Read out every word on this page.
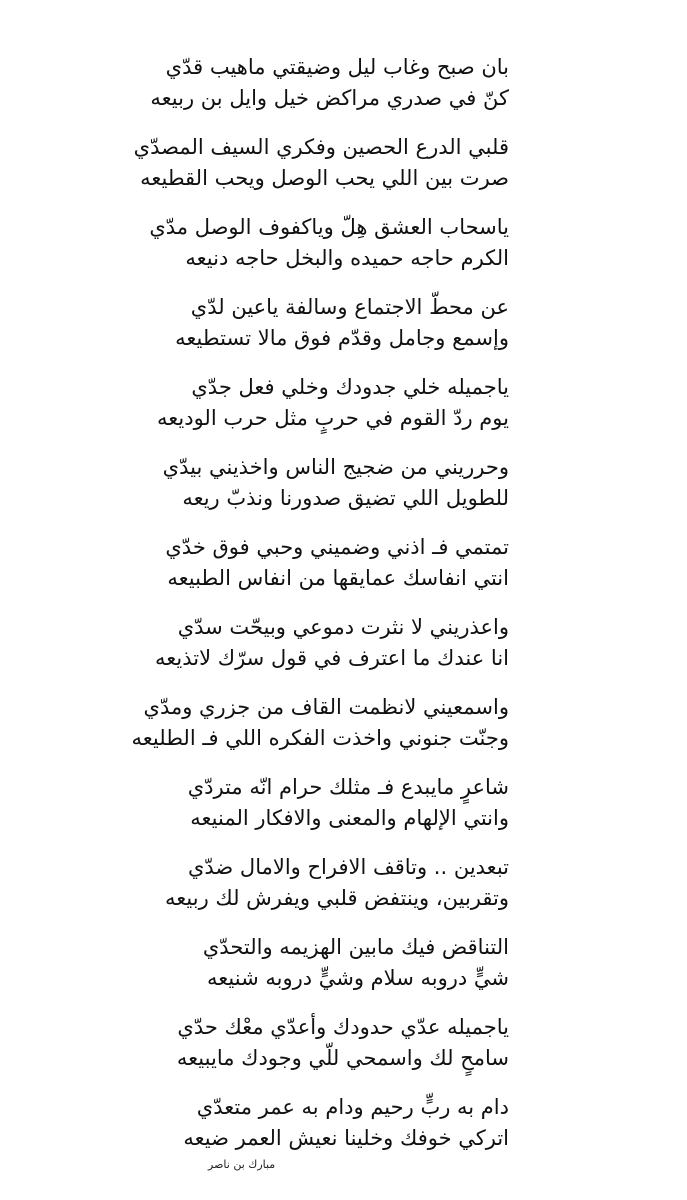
بان صبح وغاب ليل وضيقتي ماهيب قدّي
كنّ في صدري مراكض خيل وايل بن ربيعه
قلبي الدرع الحصين وفكري السيف المصدّي
صرت بين اللي يحب الوصل ويحب القطيعه
ياسحاب العشق هِلّ وياكفوف الوصل مدّي
الكرم حاجه حميده والبخل حاجه دنيعه
عن محطّ الاجتماع وسالفة ياعين لدّي
وإسمع وجامل وقدّم فوق مالا تستطيعه
ياجميله خلي جدودك وخلي فعل جدّي
يوم ردّ القوم في حربٍ مثل حرب الوديعه
وحرريني من ضجيج الناس واخذيني بيدّي
للطويل اللي تضيق صدورنا ونذبّ ريعه
تمتمي فـ اذني وضميني وحبي فوق خدّي
انتي انفاسك عمايقها من انفاس الطبيعه
واعذريني لا نثرت دموعي وبيحّت سدّي
انا عندك ما اعترف في قول سرّك لاتذيعه
واسمعيني لانظمت القاف من جزري ومدّي
وجنّت جنوني واخذت الفكره اللي فـ الطليعه
شاعرٍ مايبدع فـ مثلك حرام انّه متردّي
وانتي الإلهام والمعنى والافكار المنيعه
تبعدين .. وتاقف الافراح والامال ضدّي
وتقربين، وينتفض قلبي ويفرش لك ربيعه
التناقض فيك مابين الهزيمه والتحدّي
شيٍّ دروبه سلام وشيٍّ دروبه شنيعه
ياجميله عدّي حدودك وأعدّي معْك حدّي
سامحٍ لك واسمحي للّي وجودك مايبيعه
دام به ربٍّ رحيم ودام به عمر متعدّي
اتركي خوفك وخلينا نعيش العمر ضيعه
مبارك بن ناصر
